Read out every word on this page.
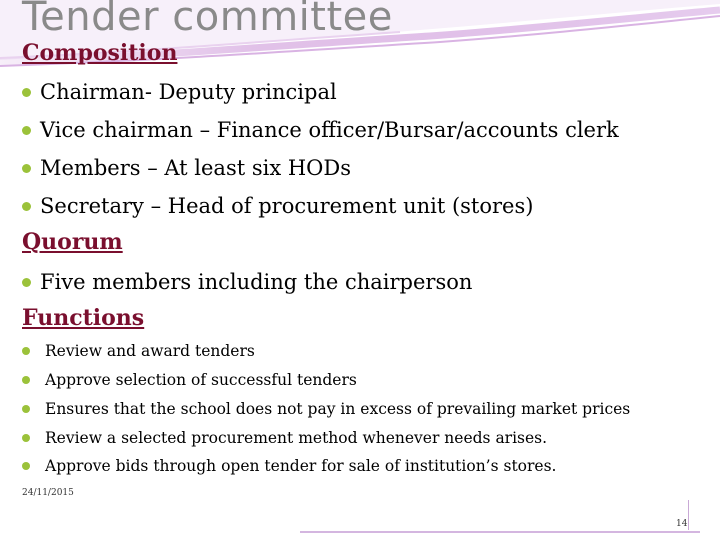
Tender committee
Composition
Chairman- Deputy principal
Vice chairman – Finance officer/Bursar/accounts clerk
Members – At least six HODs
Secretary – Head of procurement unit (stores)
Quorum
Five members including the chairperson
Functions
Review and award tenders
Approve selection of successful tenders
Ensures that the school does not pay in excess of prevailing market prices
Review a selected procurement method whenever needs arises.
Approve bids through open tender for sale of institution’s stores.
24/11/2015
14
